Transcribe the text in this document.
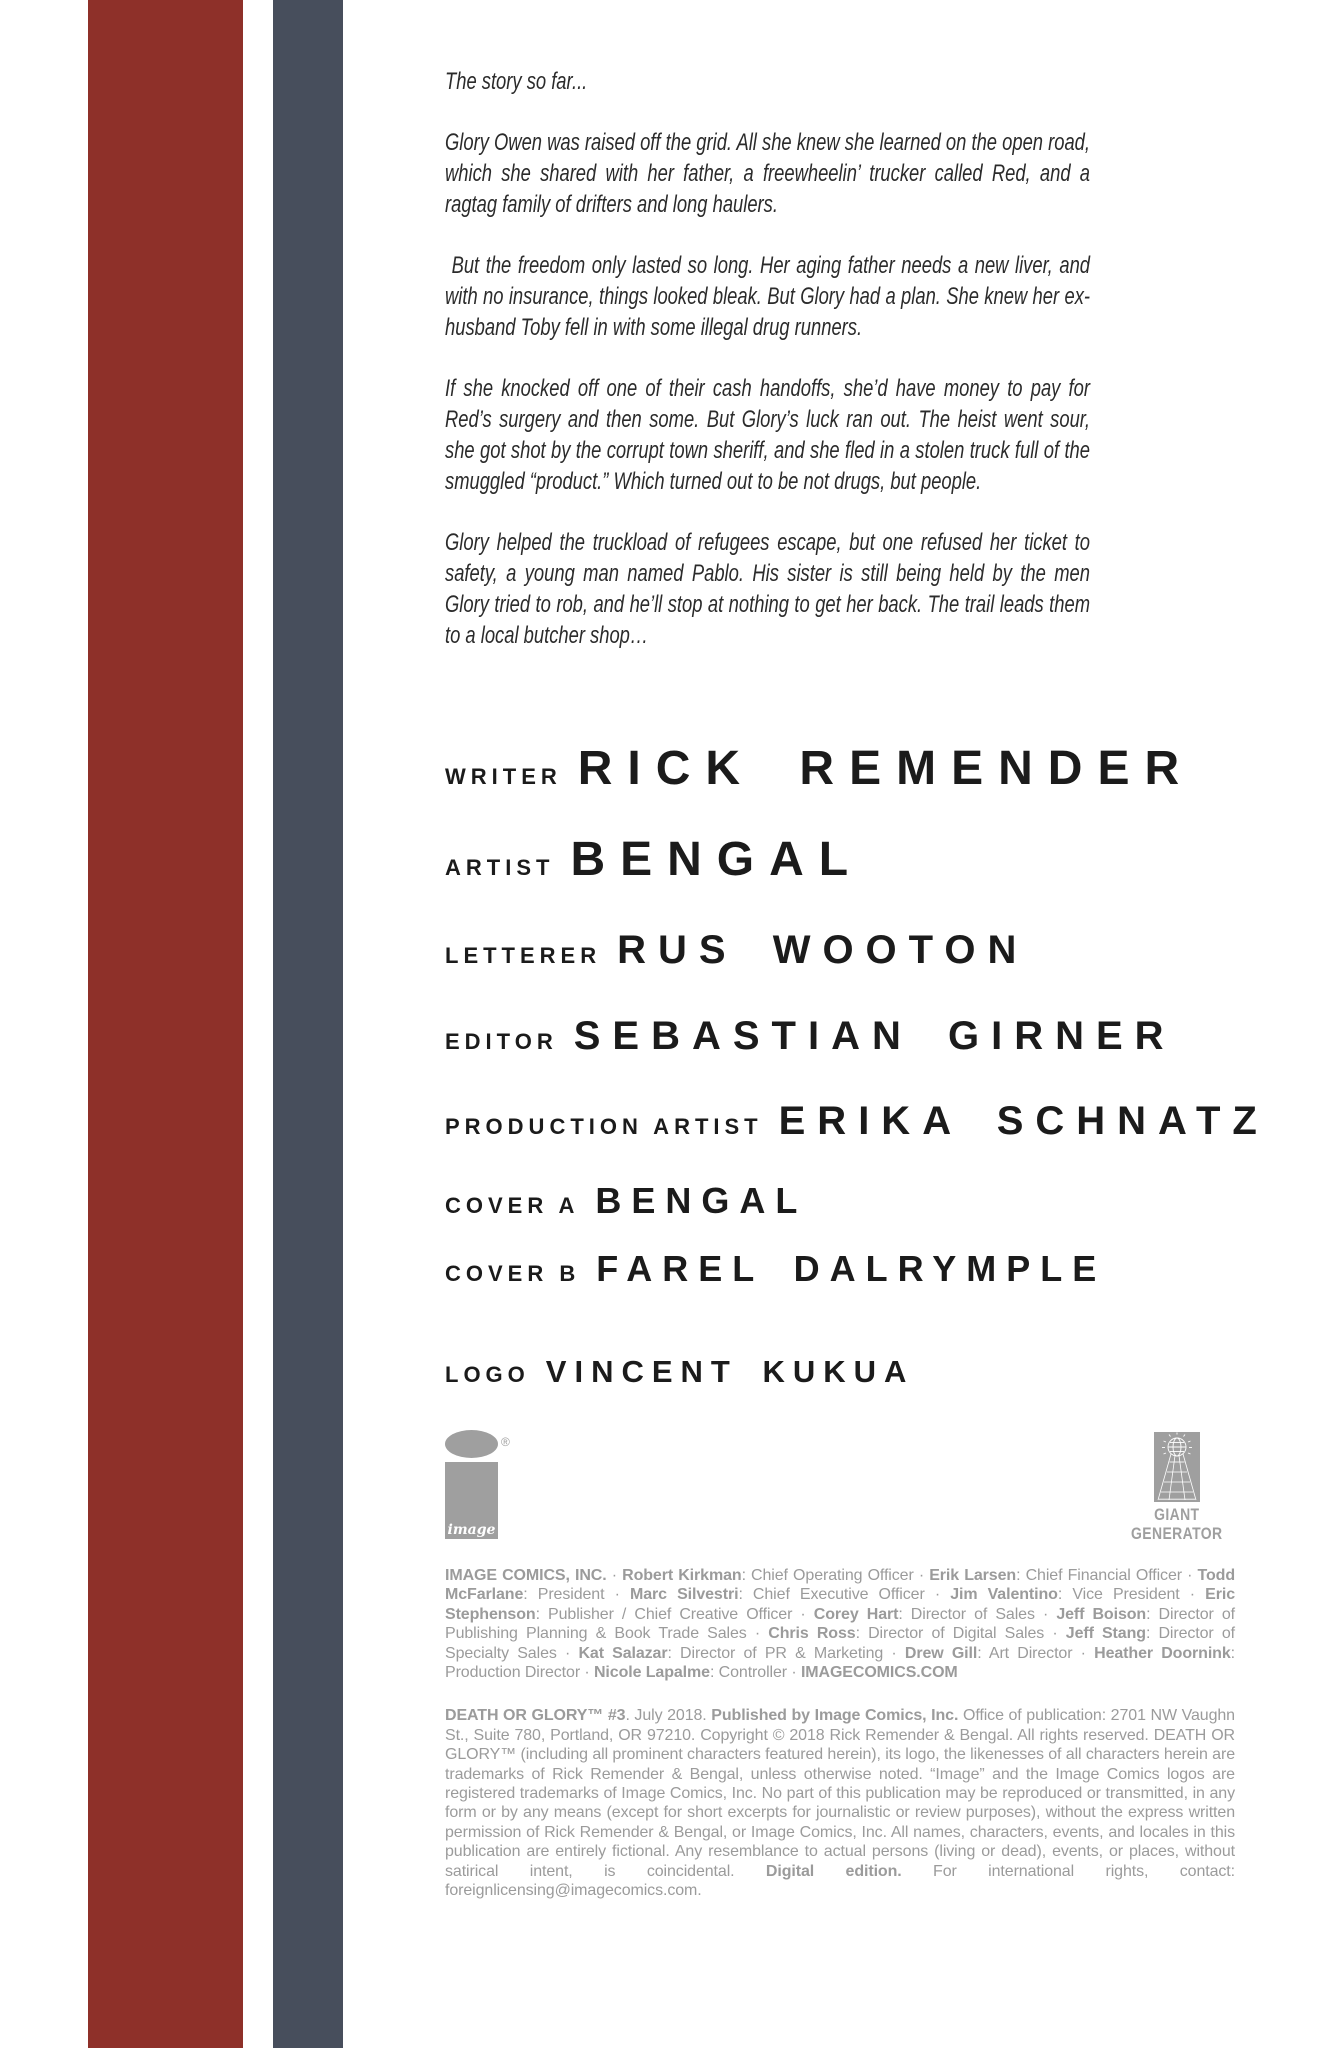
The story so far...

Glory Owen was raised off the grid. All she knew she learned on the open road, which she shared with her father, a freewheelin’ trucker called Red, and a ragtag family of drifters and long haulers.

But the freedom only lasted so long. Her aging father needs a new liver, and with no insurance, things looked bleak. But Glory had a plan. She knew her ex-husband Toby fell in with some illegal drug runners.

If she knocked off one of their cash handoffs, she’d have money to pay for Red’s surgery and then some. But Glory’s luck ran out. The heist went sour, she got shot by the corrupt town sheriff, and she fled in a stolen truck full of the smuggled “product.” Which turned out to be not drugs, but people.

Glory helped the truckload of refugees escape, but one refused her ticket to safety, a young man named Pablo. His sister is still being held by the men Glory tried to rob, and he’ll stop at nothing to get her back. The trail leads them to a local butcher shop…

WRITER RICK REMENDER
ARTIST BENGAL
LETTERER RUS WOOTON
EDITOR SEBASTIAN GIRNER
PRODUCTION ARTIST ERIKA SCHNATZ
COVER A BENGAL
COVER B FAREL DALRYMPLE
LOGO VINCENT KUKUA
®
image
GIANT
GENERATOR

IMAGE COMICS, INC. · Robert Kirkman: Chief Operating Officer · Erik Larsen: Chief Financial Officer · Todd McFarlane: President · Marc Silvestri: Chief Executive Officer · Jim Valentino: Vice President · Eric Stephenson: Publisher / Chief Creative Officer · Corey Hart: Director of Sales · Jeff Boison: Director of Publishing Planning & Book Trade Sales · Chris Ross: Director of Digital Sales · Jeff Stang: Director of Specialty Sales · Kat Salazar: Director of PR & Marketing · Drew Gill: Art Director · Heather Doornink: Production Director · Nicole Lapalme: Controller · IMAGECOMICS.COM

DEATH OR GLORY™ #3. July 2018. Published by Image Comics, Inc. Office of publication: 2701 NW Vaughn St., Suite 780, Portland, OR 97210. Copyright © 2018 Rick Remender & Bengal. All rights reserved. DEATH OR GLORY™ (including all prominent characters featured herein), its logo, the likenesses of all characters herein are trademarks of Rick Remender & Bengal, unless otherwise noted. “Image” and the Image Comics logos are registered trademarks of Image Comics, Inc. No part of this publication may be reproduced or transmitted, in any form or by any means (except for short excerpts for journalistic or review purposes), without the express written permission of Rick Remender & Bengal, or Image Comics, Inc. All names, characters, events, and locales in this publication are entirely fictional. Any resemblance to actual persons (living or dead), events, or places, without satirical intent, is coincidental. Digital edition. For international rights, contact: foreignlicensing@imagecomics.com.
